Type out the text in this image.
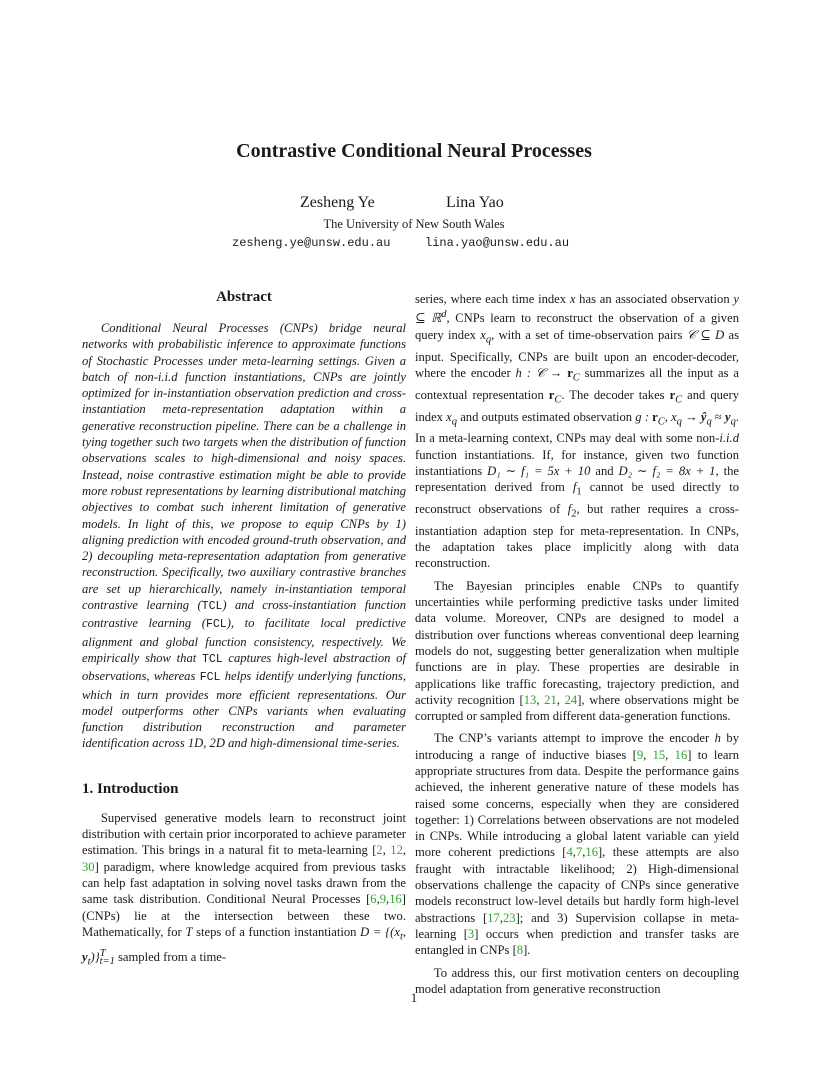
Contrastive Conditional Neural Processes
Zesheng Ye	Lina Yao
The University of New South Wales
zesheng.ye@unsw.edu.au	lina.yao@unsw.edu.au
Abstract

Conditional Neural Processes (CNPs) bridge neural networks with probabilistic inference to approximate functions of Stochastic Processes under meta-learning settings. Given a batch of non-i.i.d function instantiations, CNPs are jointly optimized for in-instantiation observation prediction and cross-instantiation meta-representation adaptation within a generative reconstruction pipeline. There can be a challenge in tying together such two targets when the distribution of function observations scales to high-dimensional and noisy spaces. Instead, noise contrastive estimation might be able to provide more robust representations by learning distributional matching objectives to combat such inherent limitation of generative models. In light of this, we propose to equip CNPs by 1) aligning prediction with encoded ground-truth observation, and 2) decoupling meta-representation adaptation from generative reconstruction. Specifically, two auxiliary contrastive branches are set up hierarchically, namely in-instantiation temporal contrastive learning (TCL) and cross-instantiation function contrastive learning (FCL), to facilitate local predictive alignment and global function consistency, respectively. We empirically show that TCL captures high-level abstraction of observations, whereas FCL helps identify underlying functions, which in turn provides more efficient representations. Our model outperforms other CNPs variants when evaluating function distribution reconstruction and parameter identification across 1D, 2D and high-dimensional time-series.

1. Introduction

Supervised generative models learn to reconstruct joint distribution with certain prior incorporated to achieve parameter estimation. This brings in a natural fit to meta-learning [2, 12, 30] paradigm, where knowledge acquired from previous tasks can help fast adaptation in solving novel tasks drawn from the same task distribution. Conditional Neural Processes [6,9,16] (CNPs) lie at the intersection between these two. Mathematically, for T steps of a function instantiation $D = \{(x_t$, $y_t)\}^T_{t=1}$ sampled from a time-

series, where each time index x has an associated observation y ⊆ ℝ$^d$, CNPs learn to reconstruct the observation of a given query index $x_q$, with a set of time-observation pairs 𝒞 ⊆ D as input. Specifically, CNPs are built upon an encoder-decoder, where the encoder h : 𝒞 → $r_C$ summarizes all the input as a contextual representation $r_C$. The decoder takes $r_C$ and query index $x_q$ and outputs estimated observation g : $r_C$, $x_q$ → $ŷ_q \approx y_q$. In a meta-learning context, CNPs may deal with some non-i.i.d function instantiations. If, for instance, given two function instantiations D₁ ∼ f₁ = 5x + 10 and D₂ ∼ f₂ = 8x + 1, the representation derived from $f_1$ cannot be used directly to reconstruct observations of $f_2$, but rather requires a cross-instantiation adaption step for meta-representation. In CNPs, the adaptation takes place implicitly along with data reconstruction.

The Bayesian principles enable CNPs to quantify uncertainties while performing predictive tasks under limited data volume. Moreover, CNPs are designed to model a distribution over functions whereas conventional deep learning models do not, suggesting better generalization when multiple functions are in play. These properties are desirable in applications like traffic forecasting, trajectory prediction, and activity recognition [13, 21, 24], where observations might be corrupted or sampled from different data-generation functions.

The CNP’s variants attempt to improve the encoder h by introducing a range of inductive biases [9, 15, 16] to learn appropriate structures from data. Despite the performance gains achieved, the inherent generative nature of these models has raised some concerns, especially when they are considered together: 1) Correlations between observations are not modeled in CNPs. While introducing a global latent variable can yield more coherent predictions [4,7,16], these attempts are also fraught with intractable likelihood; 2) High-dimensional observations challenge the capacity of CNPs since generative models reconstruct low-level details but hardly form high-level abstractions [17,23]; and 3) Supervision collapse in meta-learning [3] occurs when prediction and transfer tasks are entangled in CNPs [8].

To address this, our first motivation centers on decoupling model adaptation from generative reconstruction

1
